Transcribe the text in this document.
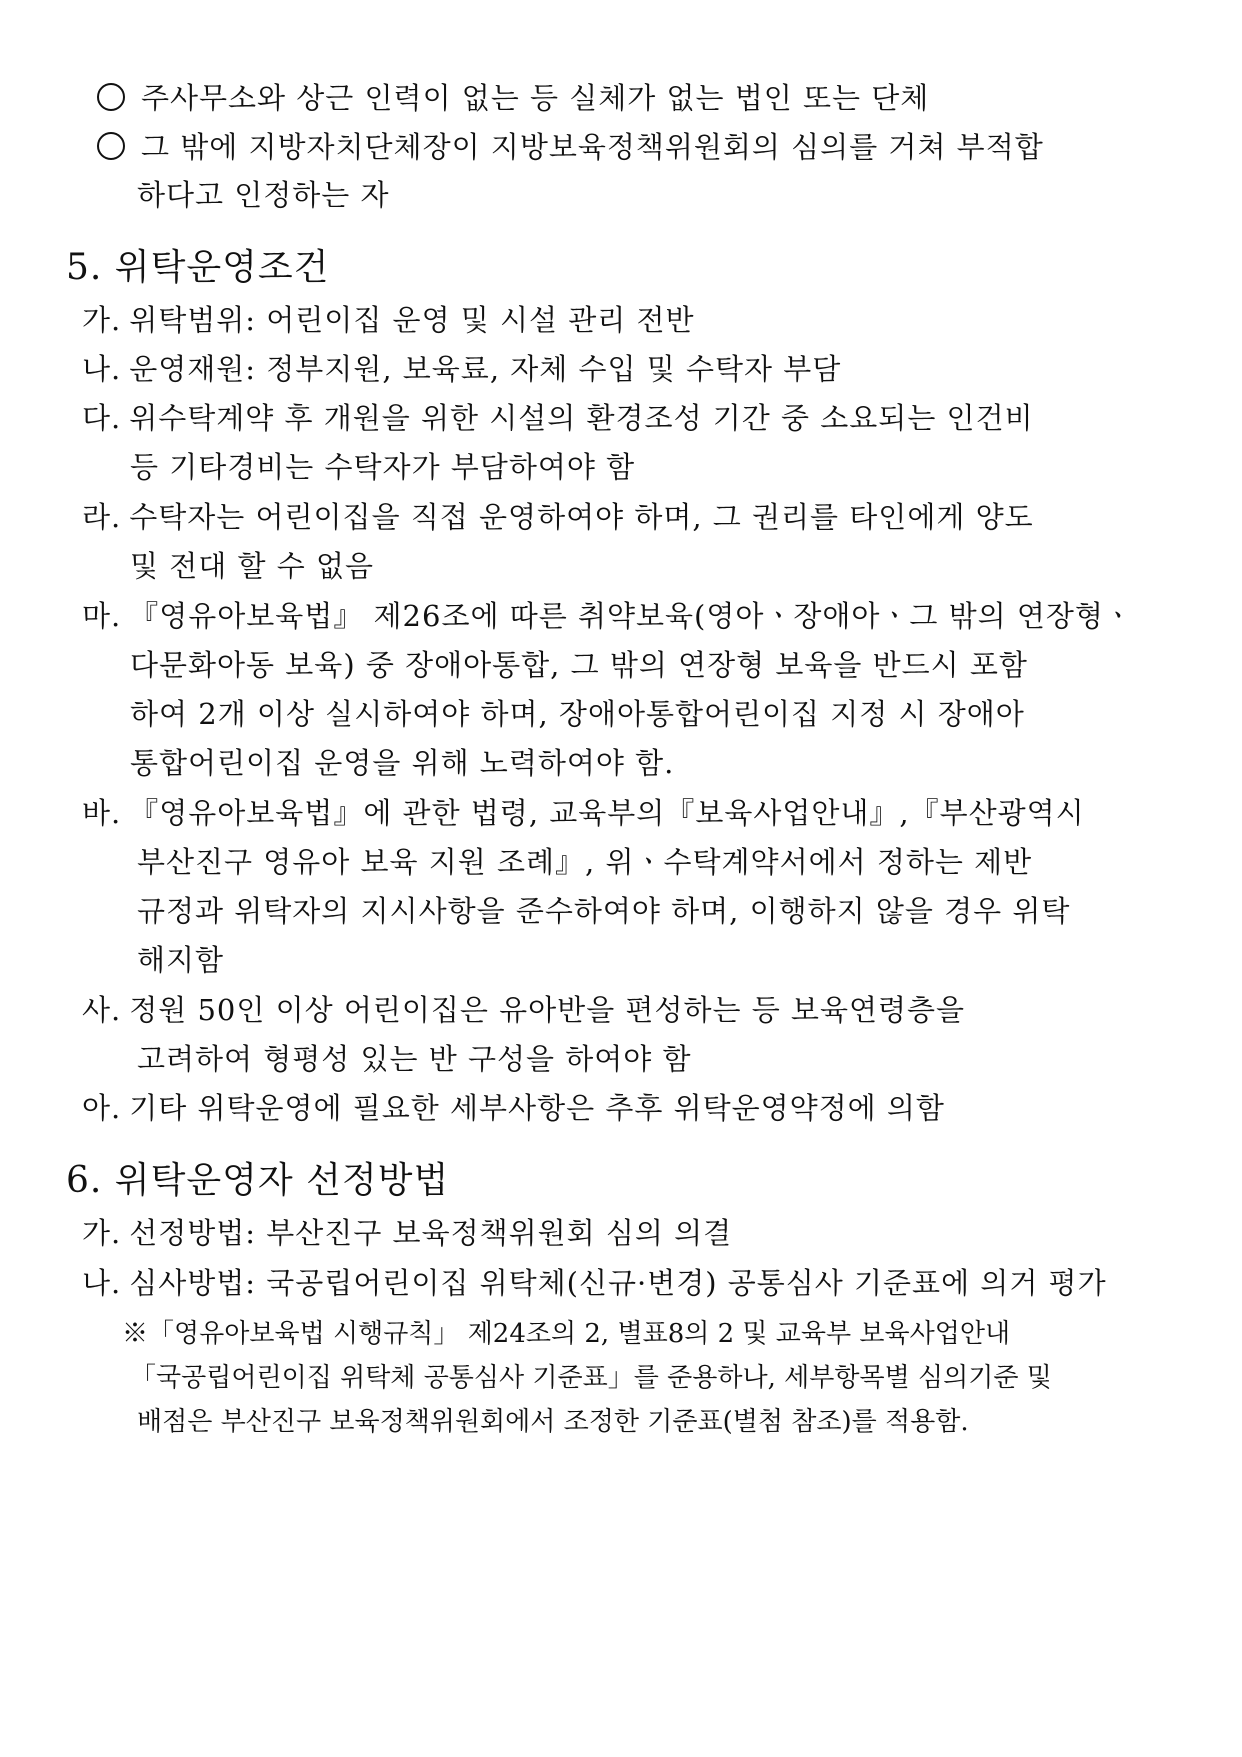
주사무소와 상근 인력이 없는 등 실체가 없는 법인 또는 단체
그 밖에 지방자치단체장이 지방보육정책위원회의 심의를 거쳐 부적합
하다고 인정하는 자
5. 위탁운영조건
가. 위탁범위: 어린이집 운영 및 시설 관리 전반
나. 운영재원: 정부지원, 보육료, 자체 수입 및 수탁자 부담
다. 위수탁계약 후 개원을 위한 시설의 환경조성 기간 중 소요되는 인건비
등 기타경비는 수탁자가 부담하여야 함
라. 수탁자는 어린이집을 직접 운영하여야 하며, 그 권리를 타인에게 양도
및 전대 할 수 없음
마. 『영유아보육법』 제26조에 따른 취약보육(영아ㆍ장애아ㆍ그 밖의 연장형ㆍ
다문화아동 보육) 중 장애아통합, 그 밖의 연장형 보육을 반드시 포함
하여 2개 이상 실시하여야 하며, 장애아통합어린이집 지정 시 장애아
통합어린이집 운영을 위해 노력하여야 함.
바. 『영유아보육법』에 관한 법령, 교육부의『보육사업안내』,『부산광역시
부산진구 영유아 보육 지원 조례』, 위ㆍ수탁계약서에서 정하는 제반
규정과 위탁자의 지시사항을 준수하여야 하며, 이행하지 않을 경우 위탁
해지함
사. 정원 50인 이상 어린이집은 유아반을 편성하는 등 보육연령층을
고려하여 형평성 있는 반 구성을 하여야 함
아. 기타 위탁운영에 필요한 세부사항은 추후 위탁운영약정에 의함
6. 위탁운영자 선정방법
가. 선정방법: 부산진구 보육정책위원회 심의 의결
나. 심사방법: 국공립어린이집 위탁체(신규·변경) 공통심사 기준표에 의거 평가
※「영유아보육법 시행규칙」 제24조의 2, 별표8의 2 및 교육부 보육사업안내
「국공립어린이집 위탁체 공통심사 기준표」를 준용하나, 세부항목별 심의기준 및
배점은 부산진구 보육정책위원회에서 조정한 기준표(별첨 참조)를 적용함.
